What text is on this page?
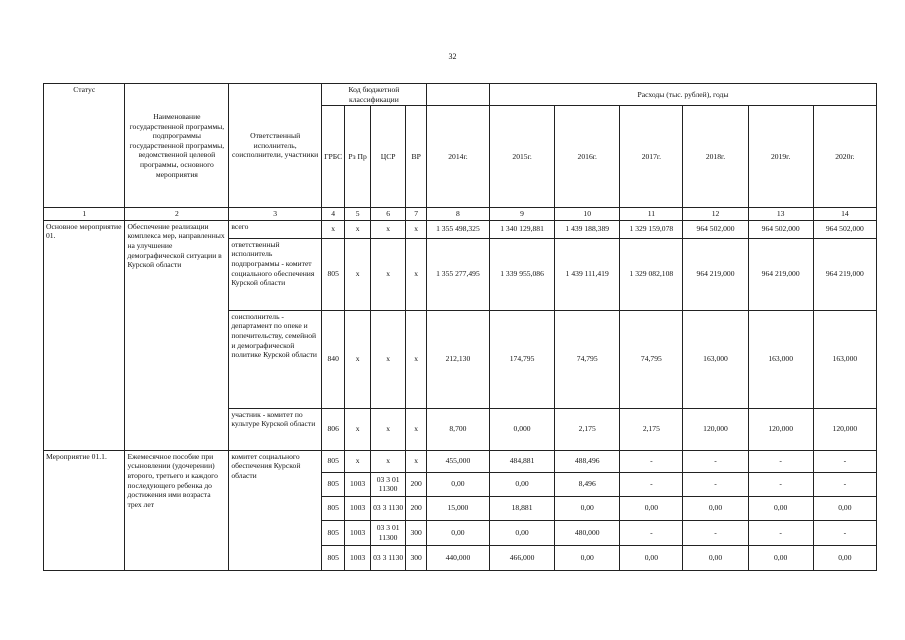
32
Статус	Наименование государственной программы, подпрограммы государственной программы, ведомственной целевой программы, основного мероприятия	Ответственный исполнитель, соисполнители, участники	Код бюджетной классификации					Расходы (тыс. рублей), годы					
			ГРБС	Рз Пр	ЦСР	ВР	2014г.	2015г.	2016г.	2017г.	2018г.	2019г.	2020г.
1	2	3	4	5	6	7	8	9	10	11	12	13	14
Основное мероприятие 01.	Обеспечение реализации комплекса мер, направленных на улучшение демографической ситуации в Курской области	всего	x	x	x	x	1 355 498,325	1 340 129,881	1 439 188,389	1 329 159,078	964 502,000	964 502,000	964 502,000
		ответственный исполнитель подпрограммы - комитет социального обеспечения Курской области	805	x	x	x	1 355 277,495	1 339 955,086	1 439 111,419	1 329 082,108	964 219,000	964 219,000	964 219,000
		соисполнитель - департамент по опеке и попечительству, семейной и демографической политике Курской области	840	x	x	x	212,130	174,795	74,795	74,795	163,000	163,000	163,000
		участник - комитет по культуре Курской области	806	x	x	x	8,700	0,000	2,175	2,175	120,000	120,000	120,000
Мероприятие 01.1.	Ежемесячное пособие при усыновлении (удочерении) второго, третьего и каждого последующего ребенка до достижения ими возраста трех лет	комитет социального обеспечения Курской области	805	x	x	x	455,000	484,881	488,496	-	-	-	-
			805	1003	03 3 01 11300	200	0,00	0,00	8,496	-	-	-	-
			805	1003	03 3 1130	200	15,000	18,881	0,00	0,00	0,00	0,00	0,00
			805	1003	03 3 01 11300	300	0,00	0,00	480,000	-	-	-	-
			805	1003	03 3 1130	300	440,000	466,000	0,00	0,00	0,00	0,00	0,00
